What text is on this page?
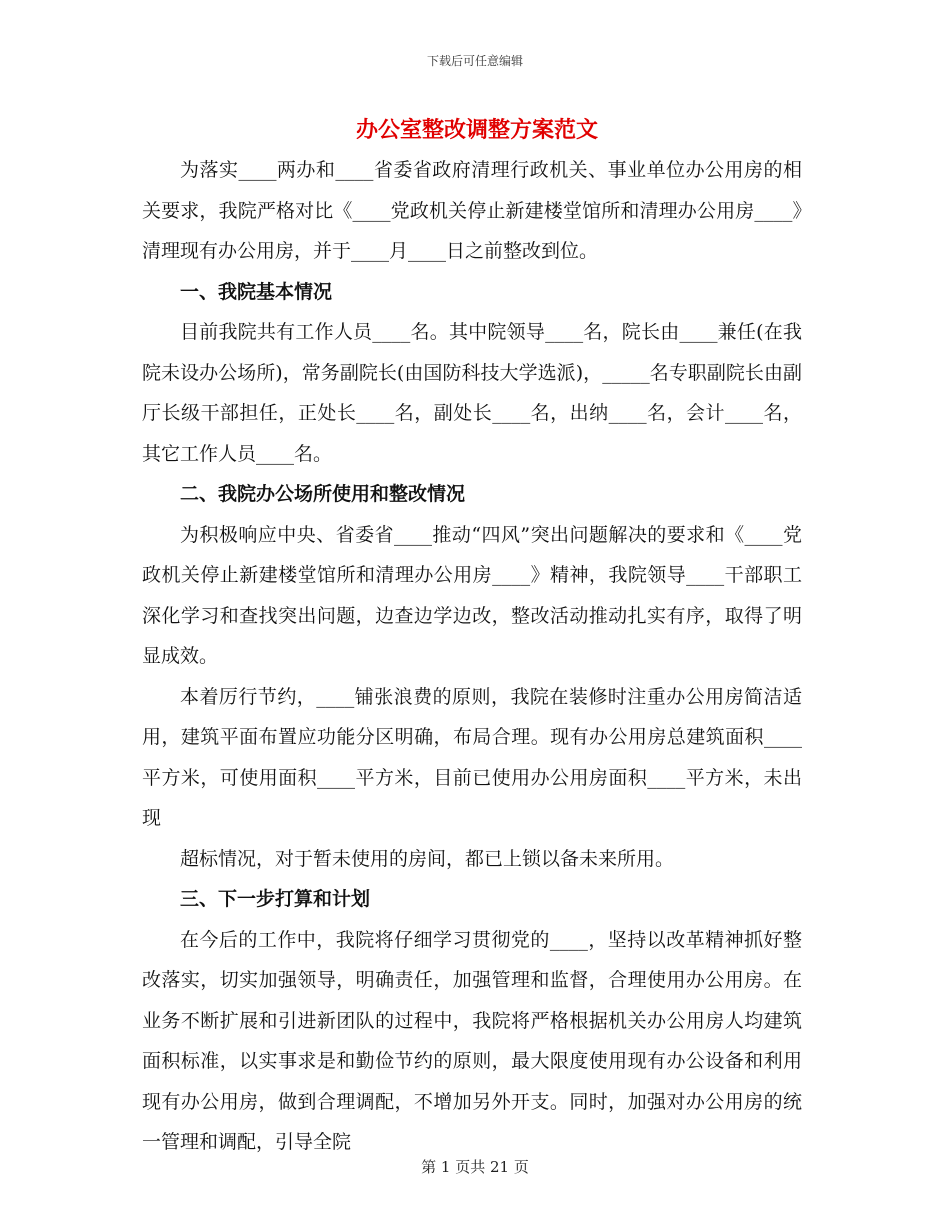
下载后可任意编辑
办公室整改调整方案范文

为落实____两办和____省委省政府清理行政机关、事业单位办公用房的相关要求，我院严格对比《____党政机关停止新建楼堂馆所和清理办公用房____》清理现有办公用房，并于____月____日之前整改到位。

一、我院基本情况

目前我院共有工作人员____名。其中院领导____名，院长由____兼任(在我院未设办公场所)，常务副院长(由国防科技大学选派)，_____名专职副院长由副厅长级干部担任，正处长____名，副处长____名，出纳____名，会计____名，其它工作人员____名。

二、我院办公场所使用和整改情况

为积极响应中央、省委省____推动“四风”突出问题解决的要求和《____党政机关停止新建楼堂馆所和清理办公用房____》精神，我院领导____干部职工深化学习和查找突出问题，边查边学边改，整改活动推动扎实有序，取得了明显成效。

本着厉行节约，____铺张浪费的原则，我院在装修时注重办公用房简洁适用，建筑平面布置应功能分区明确，布局合理。现有办公用房总建筑面积____平方米，可使用面积____平方米，目前已使用办公用房面积____平方米，未出现

超标情况，对于暂未使用的房间，都已上锁以备未来所用。

三、下一步打算和计划

在今后的工作中，我院将仔细学习贯彻党的____，坚持以改革精神抓好整改落实，切实加强领导，明确责任，加强管理和监督，合理使用办公用房。在业务不断扩展和引进新团队的过程中，我院将严格根据机关办公用房人均建筑面积标准，以实事求是和勤俭节约的原则，最大限度使用现有办公设备和利用现有办公用房，做到合理调配，不增加另外开支。同时，加强对办公用房的统一管理和调配，引导全院

第 1 页共 21 页
